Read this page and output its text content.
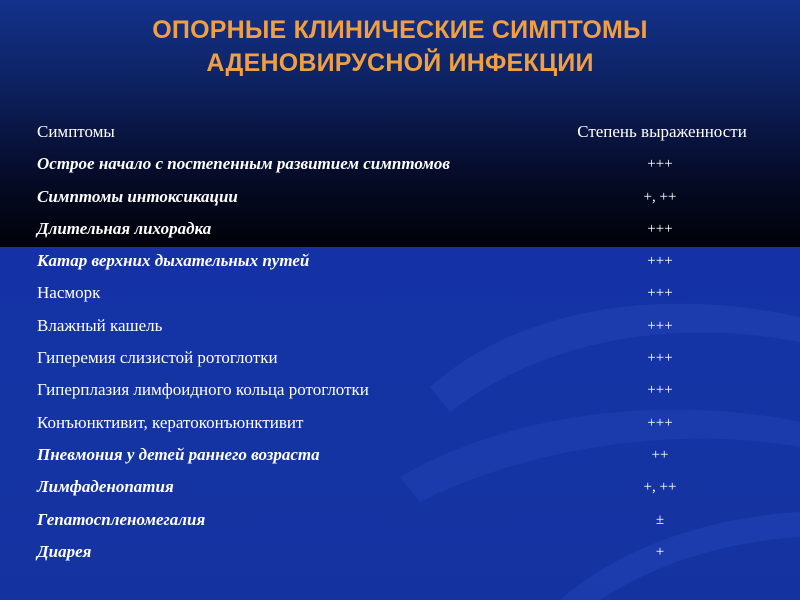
ОПОРНЫЕ КЛИНИЧЕСКИЕ СИМПТОМЫ
АДЕНОВИРУСНОЙ ИНФЕКЦИИ
Симптомы	Степень выраженности
Острое начало с постепенным развитием симптомов	+++
Симптомы интоксикации	+, ++
Длительная лихорадка	+++
Катар верхних дыхательных путей	+++
Насморк	+++
Влажный кашель	+++
Гиперемия слизистой ротоглотки	+++
Гиперплазия лимфоидного кольца ротоглотки	+++
Конъюнктивит, кератоконъюнктивит	+++
Пневмония у детей раннего возраста	++
Лимфаденопатия	+, ++
Гепатоспленомегалия	±
Диарея	+
